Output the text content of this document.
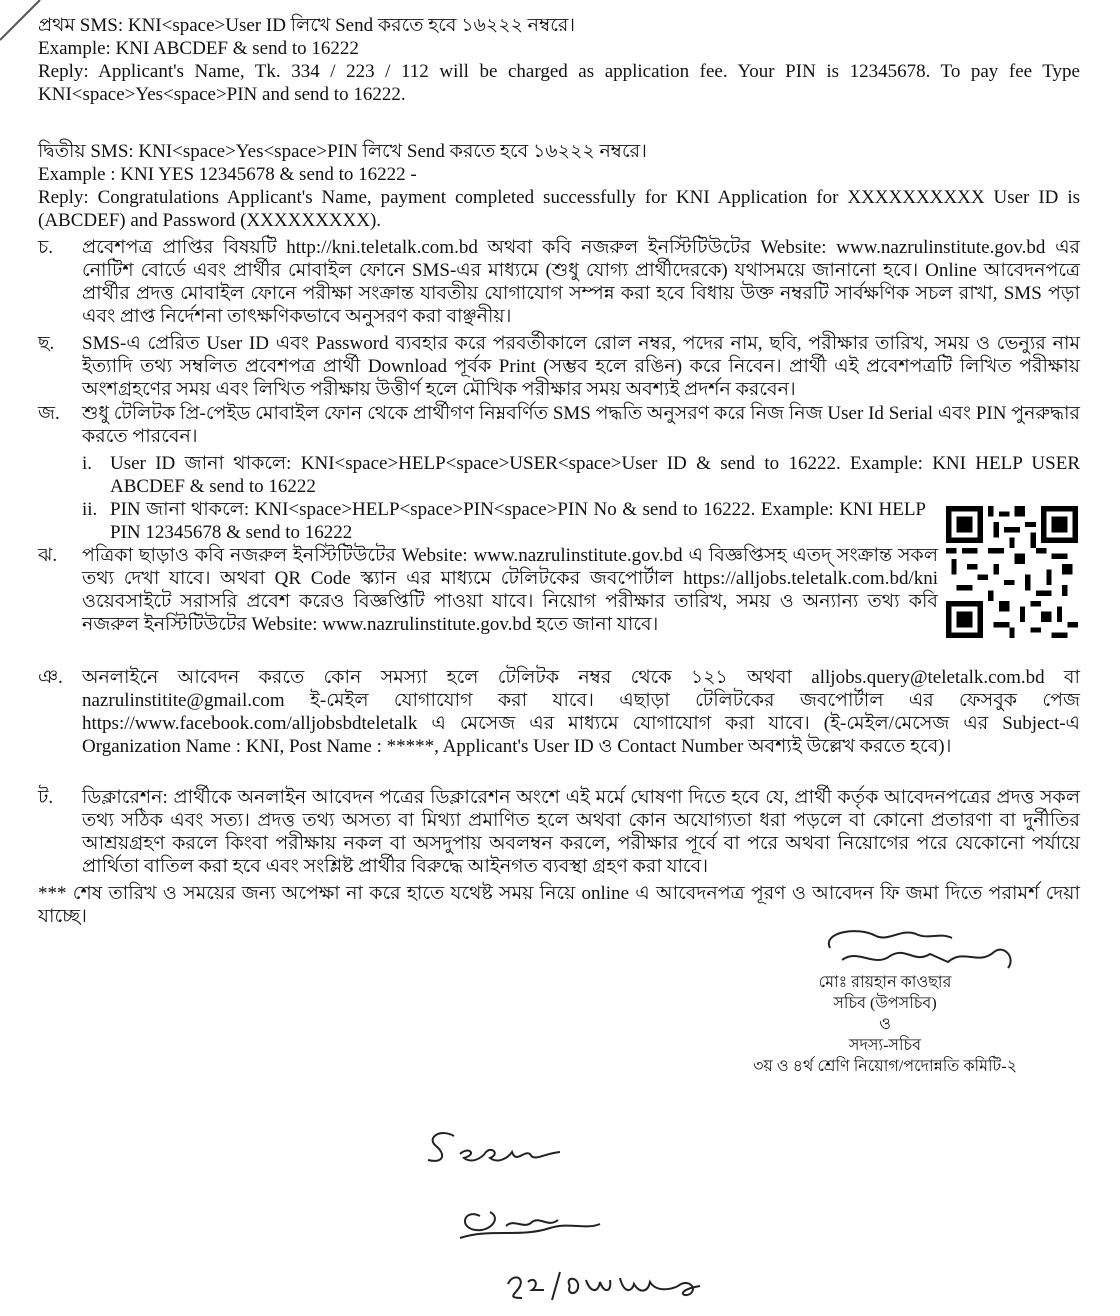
প্রথম SMS: KNI<space>User ID লিখে Send করতে হবে ১৬২২২ নম্বরে।

Example: KNI ABCDEF & send to 16222

Reply: Applicant's Name, Tk. 334 / 223 / 112 will be charged as application fee. Your PIN is 12345678. To pay fee Type KNI<space>Yes<space>PIN and send to 16222.

দ্বিতীয় SMS: KNI<space>Yes<space>PIN লিখে Send করতে হবে ১৬২২২ নম্বরে।

Example : KNI YES 12345678 & send to 16222 -

Reply: Congratulations Applicant's Name, payment completed successfully for KNI Application for XXXXXXXXXX User ID is (ABCDEF) and Password (XXXXXXXXX).

চ.	প্রবেশপত্র প্রাপ্তির বিষয়টি http://kni.teletalk.com.bd অথবা কবি নজরুল ইনস্টিটিউটের Website: www.nazrulinstitute.gov.bd এর নোটিশ বোর্ডে এবং প্রার্থীর মোবাইল ফোনে SMS-এর মাধ্যমে (শুধু যোগ্য প্রার্থীদেরকে) যথাসময়ে জানানো হবে। Online আবেদনপত্রে প্রার্থীর প্রদত্ত মোবাইল ফোনে পরীক্ষা সংক্রান্ত যাবতীয় যোগাযোগ সম্পন্ন করা হবে বিধায় উক্ত নম্বরটি সার্বক্ষণিক সচল রাখা, SMS পড়া এবং প্রাপ্ত নির্দেশনা তাৎক্ষণিকভাবে অনুসরণ করা বাঞ্ছনীয়।

ছ.	SMS-এ প্রেরিত User ID এবং Password ব্যবহার করে পরবর্তীকালে রোল নম্বর, পদের নাম, ছবি, পরীক্ষার তারিখ, সময় ও ভেন্যুর নাম ইত্যাদি তথ্য সম্বলিত প্রবেশপত্র প্রার্থী Download পূর্বক Print (সম্ভব হলে রঙিন) করে নিবেন। প্রার্থী এই প্রবেশপত্রটি লিখিত পরীক্ষায় অংশগ্রহণের সময় এবং লিখিত পরীক্ষায় উত্তীর্ণ হলে মৌখিক পরীক্ষার সময় অবশ্যই প্রদর্শন করবেন।

জ.	শুধু টেলিটক প্রি-পেইড মোবাইল ফোন থেকে প্রার্থীগণ নিম্নবর্ণিত SMS পদ্ধতি অনুসরণ করে নিজ নিজ User Id Serial এবং PIN পুনরুদ্ধার করতে পারবেন।

i. User ID জানা থাকলে: KNI<space>HELP<space>USER<space>User ID & send to 16222. Example: KNI HELP USER ABCDEF & send to 16222

ii. PIN জানা থাকলে: KNI<space>HELP<space>PIN<space>PIN No & send to 16222. Example: KNI HELP PIN 12345678 & send to 16222

ঝ.	পত্রিকা ছাড়াও কবি নজরুল ইনস্টিটিউটের Website: www.nazrulinstitute.gov.bd এ বিজ্ঞপ্তিসহ এতদ্ সংক্রান্ত সকল তথ্য দেখা যাবে। অথবা QR Code স্ক্যান এর মাধ্যমে টেলিটকের জবপোর্টাল https://alljobs.teletalk.com.bd/kni ওয়েবসাইটে সরাসরি প্রবেশ করেও বিজ্ঞপ্তিটি পাওয়া যাবে। নিয়োগ পরীক্ষার তারিখ, সময় ও অন্যান্য তথ্য কবি নজরুল ইনস্টিটিউটের Website: www.nazrulinstitute.gov.bd হতে জানা যাবে।

ঞ.	অনলাইনে আবেদন করতে কোন সমস্যা হলে টেলিটক নম্বর থেকে ১২১ অথবা alljobs.query@teletalk.com.bd বা nazrulinstitite@gmail.com ই-মেইল যোগাযোগ করা যাবে। এছাড়া টেলিটকের জবপোর্টাল এর ফেসবুক পেজ https://www.facebook.com/alljobsbdteletalk এ মেসেজ এর মাধ্যমে যোগাযোগ করা যাবে। (ই-মেইল/মেসেজ এর Subject-এ Organization Name : KNI, Post Name : *****, Applicant's User ID ও Contact Number অবশ্যই উল্লেখ করতে হবে)।

ট.	ডিক্লারেশন: প্রার্থীকে অনলাইন আবেদন পত্রের ডিক্লারেশন অংশে এই মর্মে ঘোষণা দিতে হবে যে, প্রার্থী কর্তৃক আবেদনপত্রের প্রদত্ত সকল তথ্য সঠিক এবং সত্য। প্রদত্ত তথ্য অসত্য বা মিথ্যা প্রমাণিত হলে অথবা কোন অযোগ্যতা ধরা পড়লে বা কোনো প্রতারণা বা দুর্নীতির আশ্রয়গ্রহণ করলে কিংবা পরীক্ষায় নকল বা অসদুপায় অবলম্বন করলে, পরীক্ষার পূর্বে বা পরে অথবা নিয়োগের পরে যেকোনো পর্যায়ে প্রার্থিতা বাতিল করা হবে এবং সংশ্লিষ্ট প্রার্থীর বিরুদ্ধে আইনগত ব্যবস্থা গ্রহণ করা যাবে।

*** শেষ তারিখ ও সময়ের জন্য অপেক্ষা না করে হাতে যথেষ্ট সময় নিয়ে online এ আবেদনপত্র পূরণ ও আবেদন ফি জমা দিতে পরামর্শ দেয়া যাচ্ছে।

মোঃ রায়হান কাওছার

সচিব (উপসচিব)

ও

সদস্য-সচিব

৩য় ও ৪র্থ শ্রেণি নিয়োগ/পদোন্নতি কমিটি-২
